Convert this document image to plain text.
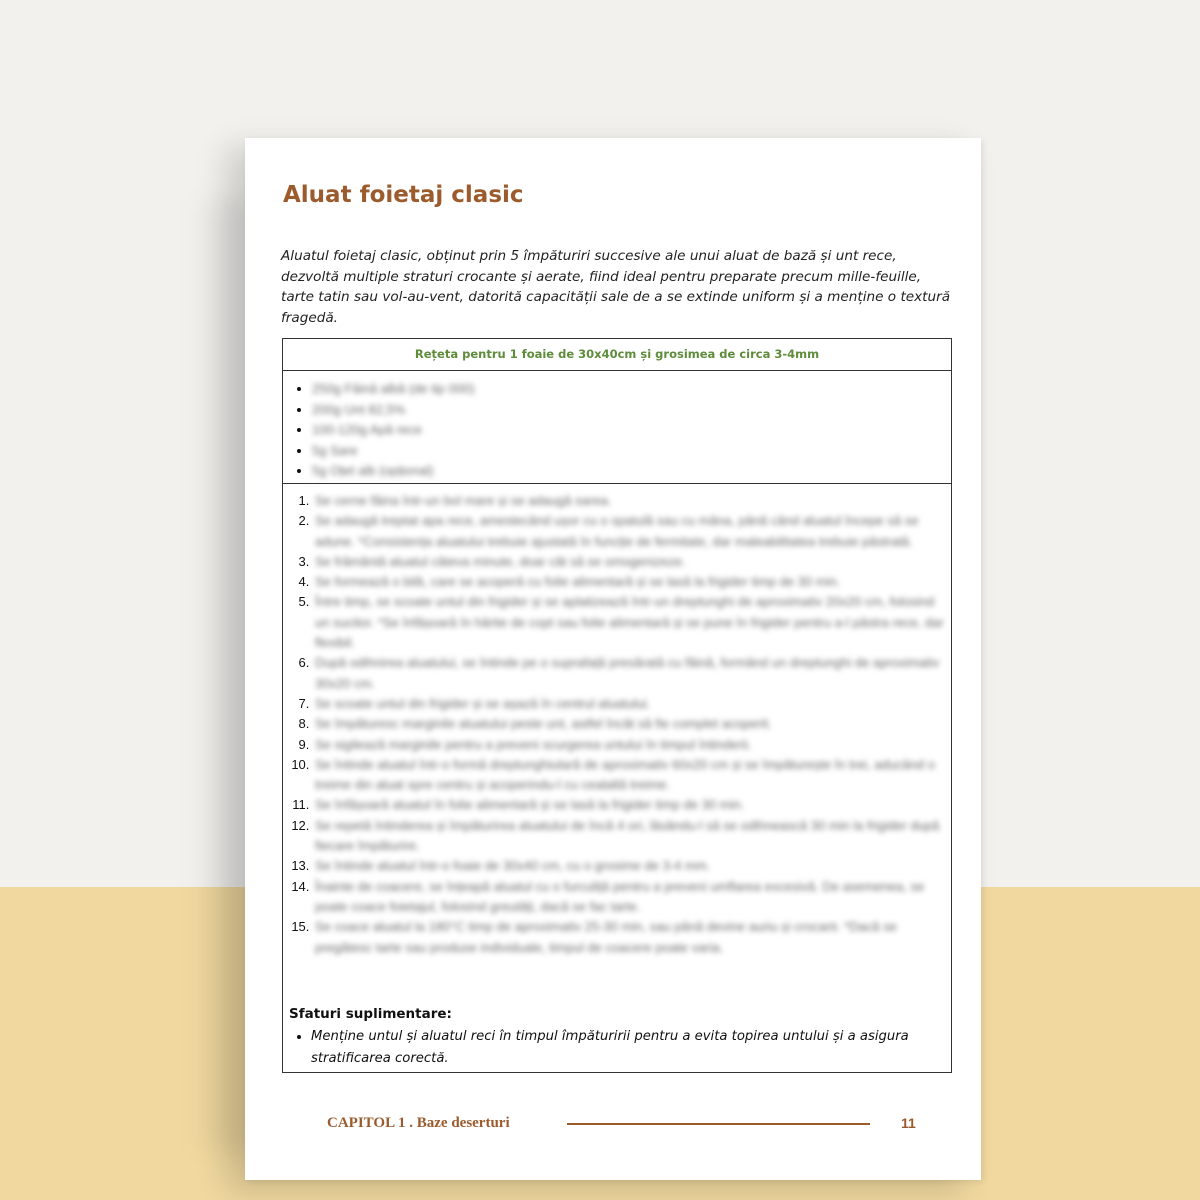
Aluat foietaj clasic

Aluatul foietaj clasic, obținut prin 5 împăturiri succesive ale unui aluat de bază și unt rece, dezvoltă multiple straturi crocante și aerate, fiind ideal pentru preparate precum mille-feuille, tarte tatin sau vol-au-vent, datorită capacității sale de a se extinde uniform și a menține o textură fragedă.

Rețeta pentru 1 foaie de 30x40cm și grosimea de circa 3-4mm
• 250g Făină albă (de tip 000)
• 200g Unt 82,5%
• 100-120g Apă rece
• 5g Sare
• 5g Oțet alb (opțional)
1. Se cerne făina într-un bol mare și se adaugă sarea.
2. Se adaugă treptat apa rece, amestecând ușor cu o spatulă sau cu mâna, până când aluatul începe să se adune. *Consistența aluatului trebuie ajustată în funcție de fermitate, dar maleabilitatea trebuie păstrată.
3. Se frământă aluatul câteva minute, doar cât să se omogenizeze.
4. Se formează o bilă, care se acoperă cu folie alimentară și se lasă la frigider timp de 30 min.
5. Între timp, se scoate untul din frigider și se aplatizează într-un dreptunghi de aproximativ 20x20 cm, folosind un sucitor. *Se înfășoară în hârtie de copt sau folie alimentară și se pune în frigider pentru a-l păstra rece, dar flexibil.
6. După odihnirea aluatului, se întinde pe o suprafață presărată cu făină, formând un dreptunghi de aproximativ 30x20 cm.
7. Se scoate untul din frigider și se așază în centrul aluatului.
8. Se împăturesc marginile aluatului peste unt, astfel încât să fie complet acoperit.
9. Se sigilează marginile pentru a preveni scurgerea untului în timpul întinderii.
10. Se întinde aluatul într-o formă dreptunghiulară de aproximativ 60x20 cm și se împăturește în trei, aducând o treime din aluat spre centru și acoperindu-l cu cealaltă treime.
11. Se înfășoară aluatul în folie alimentară și se lasă la frigider timp de 30 min.
12. Se repetă întinderea și împăturirea aluatului de încă 4 ori, lăsându-l să se odihnească 30 min la frigider după fiecare împăturire.
13. Se întinde aluatul într-o foaie de 30x40 cm, cu o grosime de 3-4 mm.
14. Înainte de coacere, se înțeapă aluatul cu o furculiță pentru a preveni umflarea excesivă. De asemenea, se poate coace foietajul, folosind greutăți, dacă se fac tarte.
15. Se coace aluatul la 180°C timp de aproximativ 25-30 min, sau până devine auriu și crocant. *Dacă se pregătesc tarte sau produse individuale, timpul de coacere poate varia.

Sfaturi suplimentare:

• Menține untul și aluatul reci în timpul împăturirii pentru a evita topirea untului și a asigura stratificarea corectă.

CAPITOL 1 . Baze deserturi	11
